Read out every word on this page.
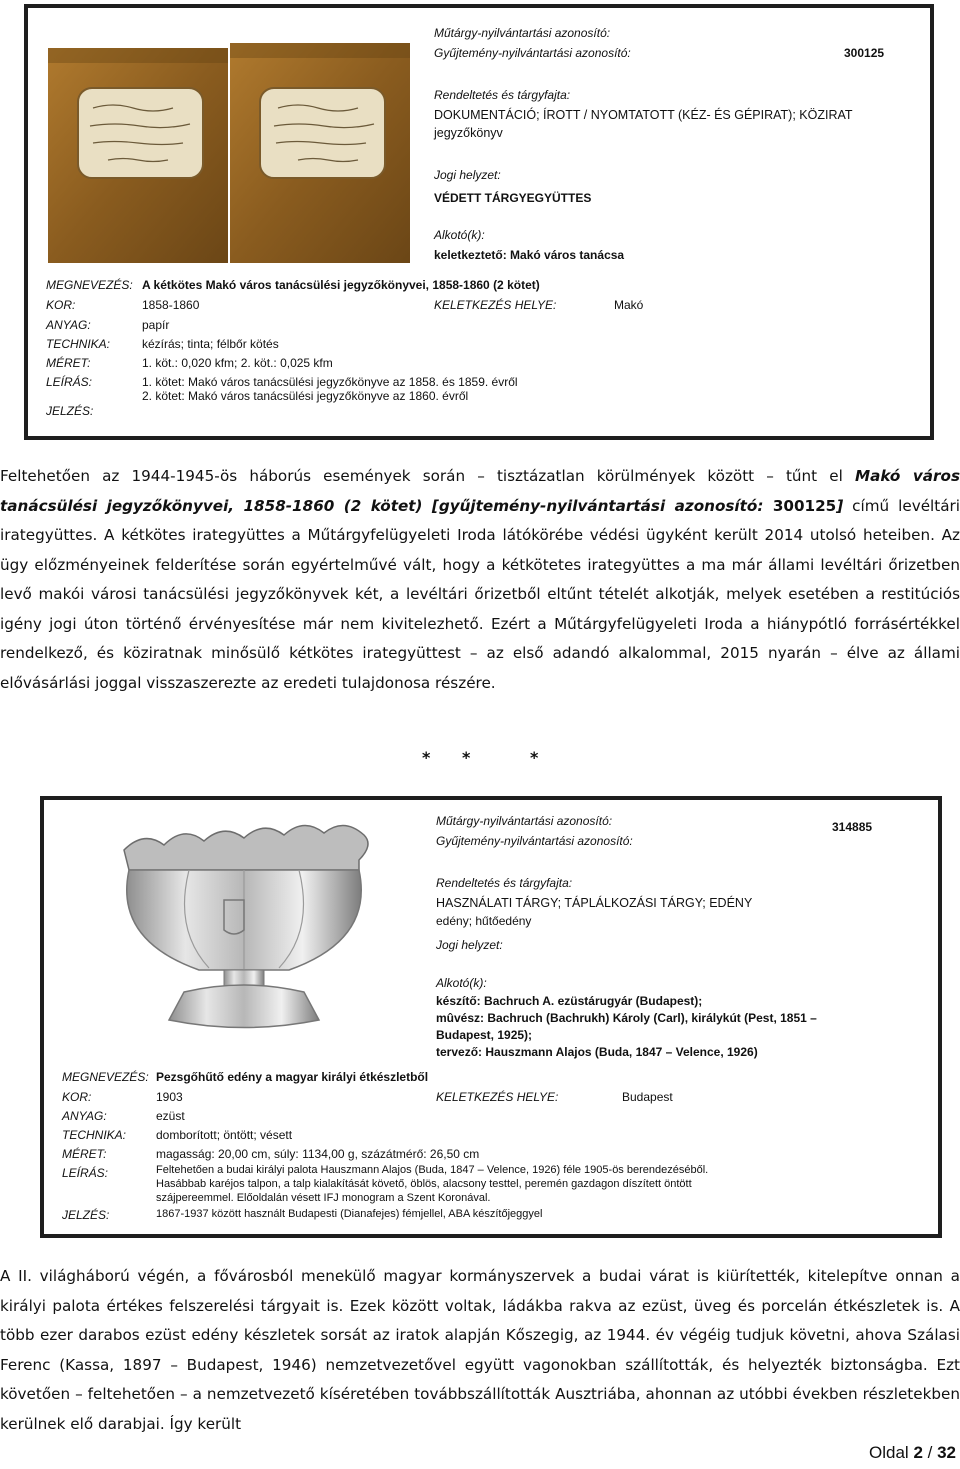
Műtárgy-nyilvántartási azonosító:
Gyűjtemény-nyilvántartási azonosító:	300125
Rendeltetés és tárgyfajta:
DOKUMENTÁCIÓ; ÍROTT / NYOMTATOTT (KÉZ- ÉS GÉPIRAT); KÖZIRAT
jegyzőkönyv
Jogi helyzet:
VÉDETT TÁRGYEGYÜTTES
Alkotó(k):
keletkeztető: Makó város tanácsa
MEGNEVEZÉS: A kétkötes Makó város tanácsülési jegyzőkönyvei, 1858-1860 (2 kötet)
KOR:	1858-1860	KELETKEZÉS HELYE:	Makó
ANYAG:	papír
TECHNIKA:	kézírás; tinta; félbőr kötés
MÉRET:	1. köt.: 0,020 kfm; 2. köt.: 0,025 kfm
LEÍRÁS:	1. kötet: Makó város tanácsülési jegyzőkönyve az 1858. és 1859. évről
2. kötet: Makó város tanácsülési jegyzőkönyve az 1860. évről
JELZÉS:

Feltehetően az 1944-1945-ös háborús események során – tisztázatlan körülmények között – tűnt el Makó város tanácsülési jegyzőkönyvei, 1858-1860 (2 kötet) [gyűjtemény-nyilvántartási azonosító: 300125] című levéltári irategyüttes. A kétkötes irategyüttes a Műtárgyfelügyeleti Iroda látókörébe védési ügyként került 2014 utolsó heteiben. Az ügy előzményeinek felderítése során egyértelművé vált, hogy a kétkötetes irategyüttes a ma már állami levéltári őrizetben levő makói városi tanácsülési jegyzőkönyvek két, a levéltári őrizetből eltűnt tételét alkotják, melyek esetében a restitúciós igény jogi úton történő érvényesítése már nem kivitelezhető. Ezért a Műtárgyfelügyeleti Iroda a hiánypótló forrásértékkel rendelkező, és köziratnak minősülő kétkötes irategyüttest – az első adandó alkalommal, 2015 nyarán – élve az állami elővásárlási joggal visszaszerezte az eredeti tulajdonosa részére.

* *	*
Műtárgy-nyilvántartási azonosító:	314885
Gyűjtemény-nyilvántartási azonosító:
Rendeltetés és tárgyfajta:
HASZNÁLATI TÁRGY; TÁPLÁLKOZÁSI TÁRGY; EDÉNY
edény; hűtőedény
Jogi helyzet:
Alkotó(k):
készítő: Bachruch A. ezüstárugyár (Budapest);
mûvész: Bachruch (Bachrukh) Károly (Carl), királykút (Pest, 1851 –
Budapest, 1925);
tervező: Hauszmann Alajos (Buda, 1847 – Velence, 1926)
MEGNEVEZÉS: Pezsgőhűtő edény a magyar királyi étkészletből
KOR:	1903	KELETKEZÉS HELYE:	Budapest
ANYAG:	ezüst
TECHNIKA: domborított; öntött; vésett
MÉRET:	magasság: 20,00 cm, súly: 1134,00 g, százátmérő: 26,50 cm
LEÍRÁS:	Feltehetően a budai királyi palota Hauszmann Alajos (Buda, 1847 – Velence, 1926) féle 1905-ös berendezéséből.
Hasábbab karéjos talpon, a talp kialakítását követő, öblös, alacsony testtel, peremén gazdagon díszített öntött
szájpereemmel. Előoldalán vésett IFJ monogram a Szent Koronával.
JELZÉS:	1867-1937 között használt Budapesti (Dianafejes) fémjellel, ABA készítőjeggyel

A II. világháború végén, a fővárosból menekülő magyar kormányszervek a budai várat is kiürítették, kitelepítve onnan a királyi palota értékes felszerelési tárgyait is. Ezek között voltak, ládákba rakva az ezüst, üveg és porcelán étkészletek is. A több ezer darabos ezüst edény készletek sorsát az iratok alapján Kőszegig, az 1944. év végéig tudjuk követni, ahova Szálasi Ferenc (Kassa, 1897 – Budapest, 1946) nemzetvezetővel együtt vagonokban szállították, és helyezték biztonságba. Ezt követően – feltehetően – a nemzetvezető kíséretében továbbszállították Ausztriába, ahonnan az utóbbi években részletekben kerülnek elő darabjai. Így került

Oldal 2 / 32
